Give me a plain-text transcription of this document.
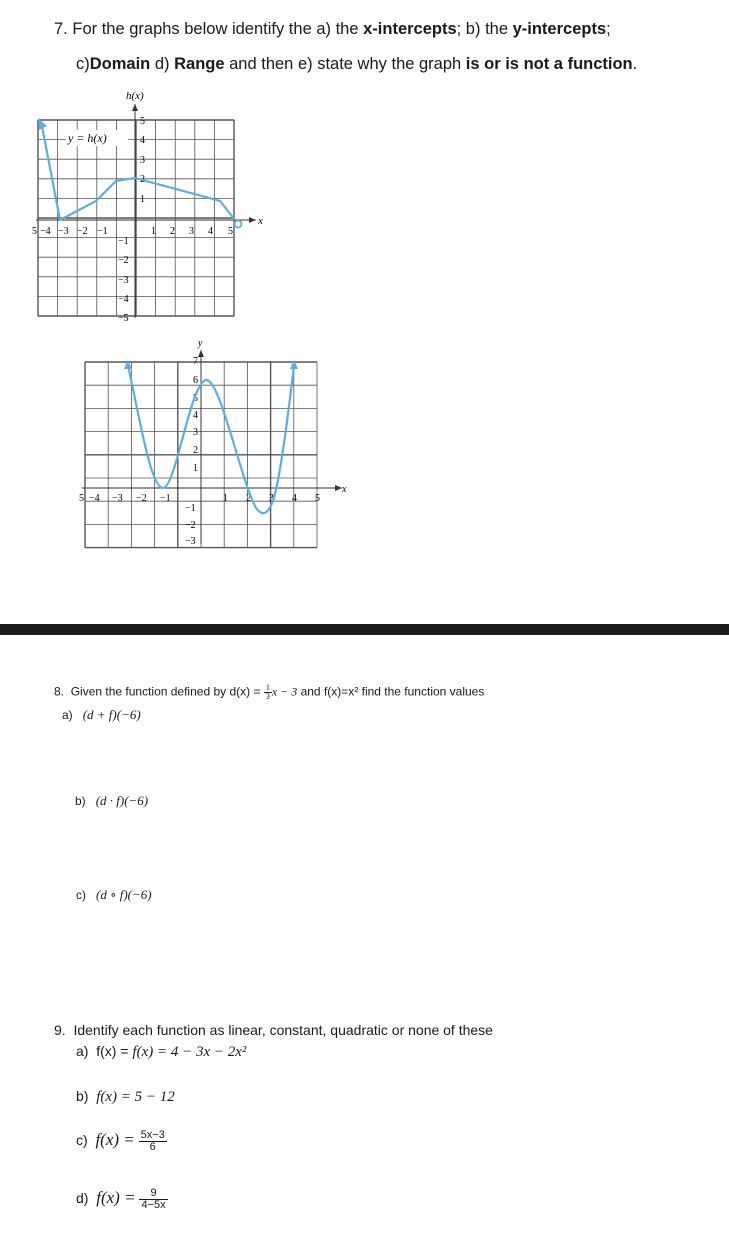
7. For the graphs below identify the a) the x-intercepts; b) the y-intercepts;
c)Domain d) Range and then e) state why the graph is or is not a function.
h(x)
x
5 −4 −3 −2 −1	1 2 3 4 5
5
4
3
2
1
−1
−2
−3
−4
−5
y = h(x)
y
x
5 −4 −3 −2 −1	1 2 3 4 5
7
6
5
4
3
2
1
−1
−2
−3
8. Given the function defined by $d(x) = \frac{1}{3}$ x − 3 and f(x)=x² find the function values
a) (d + f)(−6)
b) (d · f)(−6)
c) (d ∘ f)(−6)
9. Identify each function as linear, constant, quadratic or none of these
a) f(x) = f(x) = 4 − 3x − 2x²
b) f(x) = 5 − 12
c) $f(x) = \frac{5x-3}{6}$
d) $f(x) = \frac{9}{4-5x}$
